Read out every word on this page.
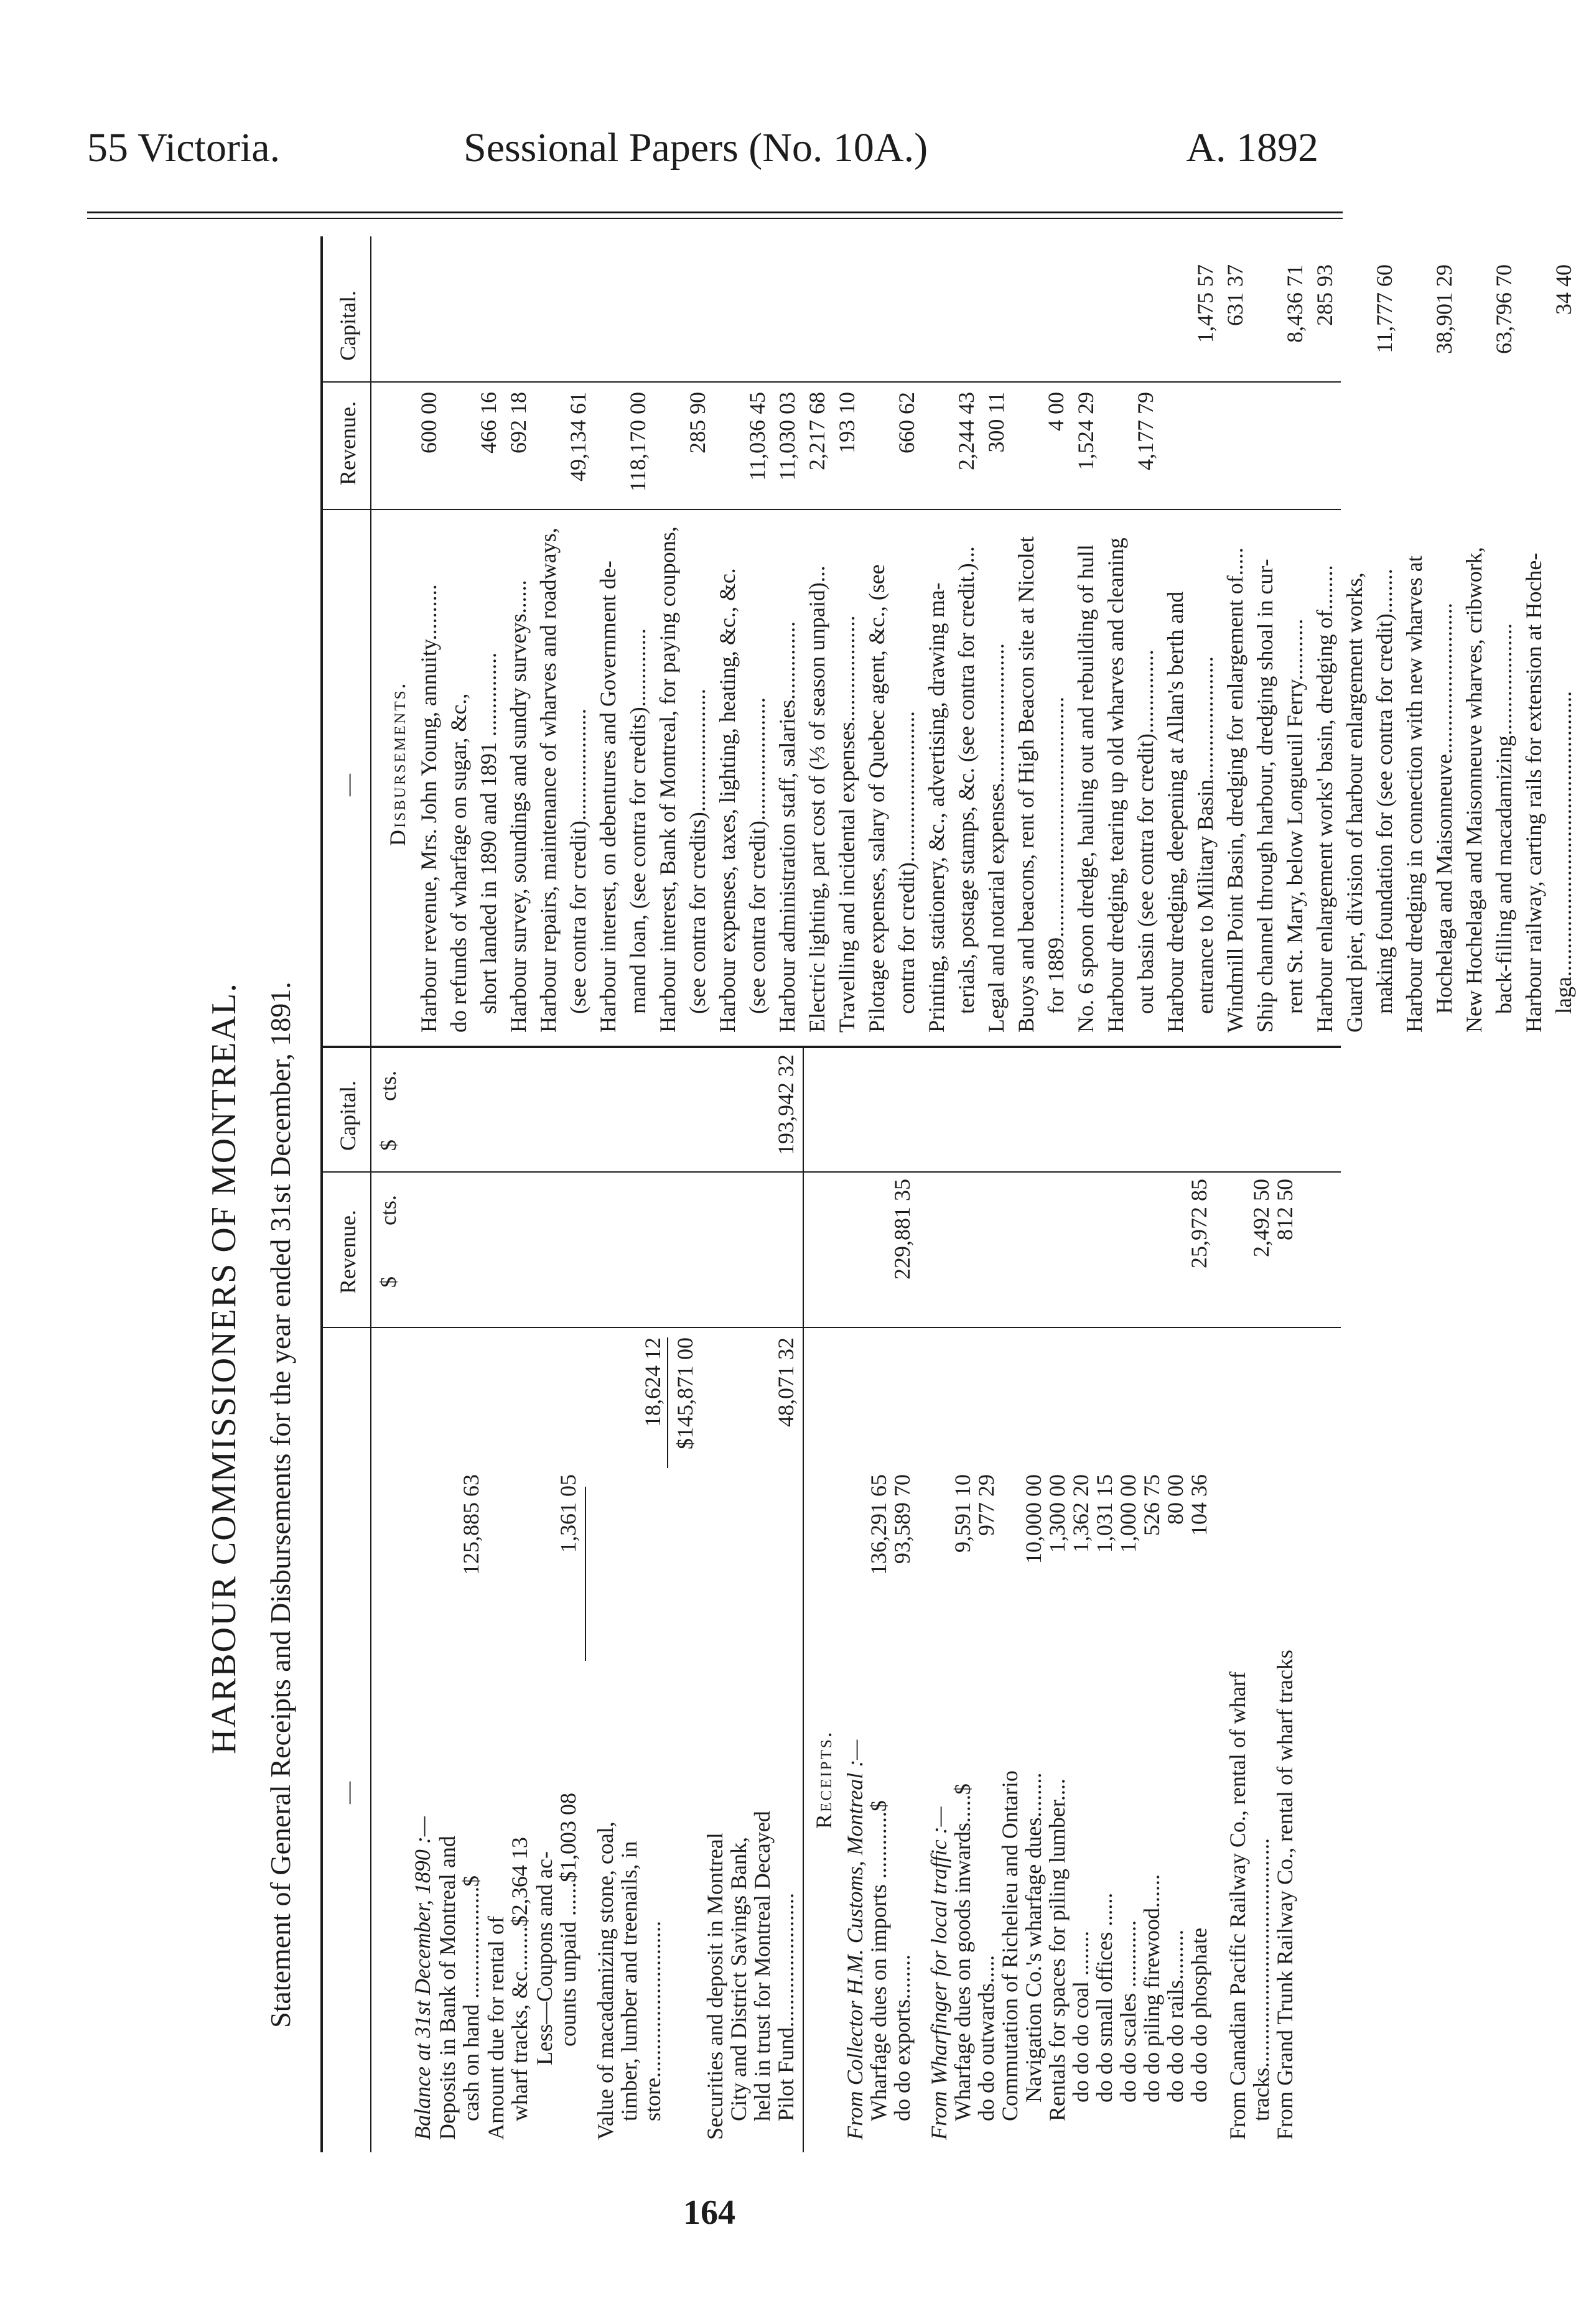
55 Victoria.	Sessional Papers (No. 10A.)	A. 1892
HARBOUR COMMISSIONERS OF MONTREAL. Statement of General Receipts and Disbursements for the year ended 31st December, 1891. —
Revenue.
Capital.
—
Revenue.
Capital.
$
cts.
$
cts.
Balance at 31st December, 1890 :— Deposits in Bank of Montreal and
cash on hand ....................$
125,885 63
Amount due for rental of
wharf tracks, &c........$2,364 13 Less—Coupons and ac-
counts unpaid ......$1,003 08
1,361 05
Value of macadamizing stone, coal,
timber, lumber and treenails, in
store............................
18,624 12 $145,871 00
Securities and deposit in Montreal
City and District Savings Bank,
held in trust for Montreal Decayed
Pilot Fund........................
48,071 32
193,942 32
Receipts. From Collector H.M. Customs, Montreal :—
Wharfage dues on imports ............$
136,291 65
do do exports........
93,589 70
229,881 35
From Wharfinger for local traffic :—
Wharfage dues on goods inwards.....$
9,591 10
do do outwards.....
977 29
Commutation of Richelieu and Ontario
Navigation Co.'s wharfage dues........
10,000 00
Rentals for spaces for piling lumber....
1,300 00
do do do coal ........
1,362 20
do do small offices ......
1,031 15
do do scales ............
1,000 00
do do piling firewood......
526 75
do do do rails.........
80 00
do do do phosphate
104 36
25,972 85
From Canadian Pacific Railway Co., rental of wharf
tracks.........................................
2,492 50
From Grand Trunk Railway Co., rental of wharf tracks
812 50
Disbursements. Harbour revenue, Mrs. John Young, annuity..........
600 00
do refunds of wharfage on sugar, &c., short landed in 1890 and 1891 ...............
466 16
Harbour survey, soundings and sundry surveys......
692 18
Harbour repairs, maintenance of wharves and roadways, (see contra for credit)....................
49,134 61
Harbour interest, on debentures and Government de- mand loan, (see contra for credits)..............
118,170 00
Harbour interest, Bank of Montreal, for paying coupons, (see contra for credits)......................
285 90
Harbour expenses, taxes, lighting, heating, &c., &c. (see contra for credit)......................
11,036 45
Harbour administration staff, salaries..............
11,030 03
Electric lighting, part cost of (⅓ of season unpaid)...
2,217 68
Travelling and incidental expenses...................
193 10
Pilotage expenses, salary of Quebec agent, &c., (see contra for credit)...........................
660 62
Printing, stationery, &c., advertising, drawing ma- terials, postage stamps, &c. (see contra for credit.)...
2,244 43
Legal and notarial expenses.........................
300 11
Buoys and beacons, rent of High Beacon site at Nicolet for 1889...........................................
4 00
No. 6 spoon dredge, hauling out and rebuilding of hull
1,524 29
Harbour dredging, tearing up old wharves and cleaning out basin (see contra for credit)...............
4,177 79
Harbour dredging, deepening at Allan's berth and entrance to Military Basin......................
1,475 57
Windmill Point Basin, dredging for enlargement of.....
631 37
Ship channel through harbour, dredging shoal in cur- rent St. Mary, below Longueuil Ferry...........
8,436 71
Harbour enlargement works' basin, dredging of........
285 93
Guard pier, division of harbour enlargement works, making foundation for (see contra for credit)........
11,777 60
Harbour dredging in connection with new wharves at Hochelaga and Maisonneuve...........................
38,901 29
New Hochelaga and Maisonneuve wharves, cribwork, back-filling and macadamizing....................
63,796 70
Harbour railway, carting rails for extension at Hoche- laga...................................................
34 40
164
